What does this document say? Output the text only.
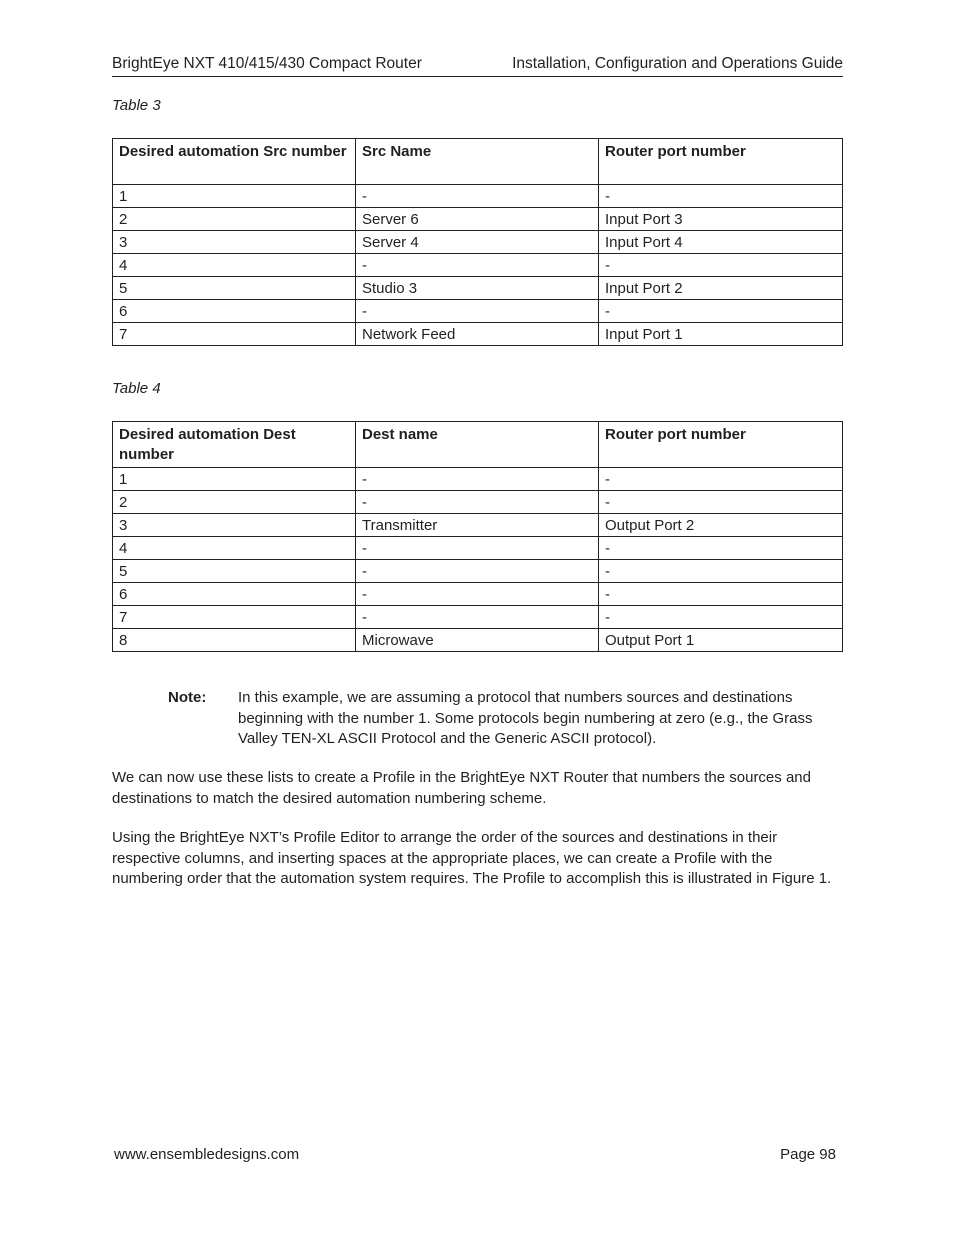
BrightEye NXT 410/415/430 Compact Router	Installation, Configuration and Operations Guide
Table 3
Desired automation Src number	Src Name	Router port number
1	-	-
2	Server 6	Input Port 3
3	Server 4	Input Port 4
4	-	-
5	Studio 3	Input Port 2
6	-	-
7	Network Feed	Input Port 1
Table 4
Desired automation Dest number	Dest name	Router port number
1	-	-
2	-	-
3	Transmitter	Output Port 2
4	-	-
5	-	-
6	-	-
7	-	-
8	Microwave	Output Port 1
Note: In this example, we are assuming a protocol that numbers sources and destinations beginning with the number 1. Some protocols begin numbering at zero (e.g., the Grass Valley TEN-XL ASCII Protocol and the Generic ASCII protocol).
We can now use these lists to create a Profile in the BrightEye NXT Router that numbers the sources and destinations to match the desired automation numbering scheme.
Using the BrightEye NXT’s Profile Editor to arrange the order of the sources and destinations in their respective columns, and inserting spaces at the appropriate places, we can create a Profile with the numbering order that the automation system requires. The Profile to accomplish this is illustrated in Figure 1.
www.ensembledesigns.com	Page 98
